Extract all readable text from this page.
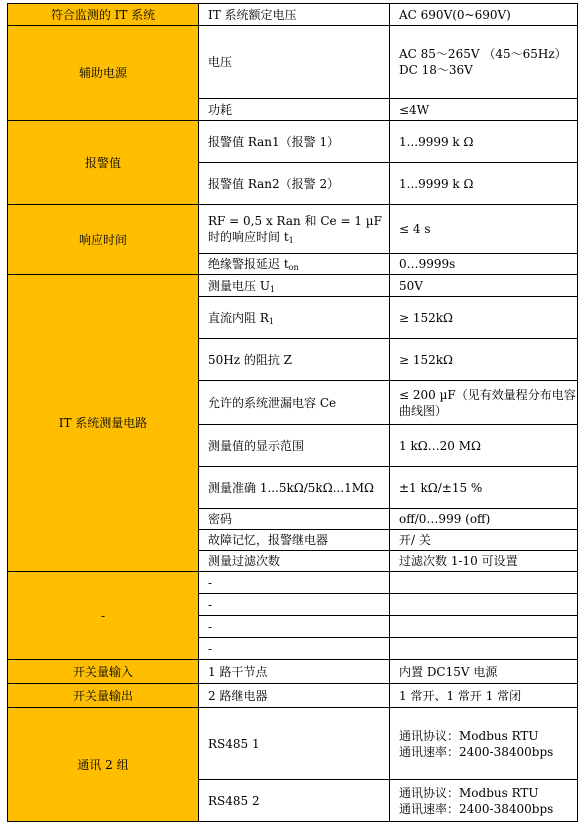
符合监测的 IT 系统	IT 系统额定电压	AC 690V(0~690V)
辅助电源	电压	AC 85～265V （45～65Hz）
DC 18～36V

	功耗	≤4W
报警值	报警值 Ran1（报警 1）	1...9999 k Ω
	报警值 Ran2（报警 2）	1...9999 k Ω
响应时间	RF = 0,5 x Ran 和 Ce = 1 µF
时的响应时间 $t_1$	≤ 4 s
	绝缘警报延迟 $t_{on}$	0…9999s
IT 系统测量电路	测量电压 $U_1$	50V
	直流内阻 $R_1$	≥ 152kΩ
	50Hz 的阻抗 Z	≥ 152kΩ
	允许的系统泄漏电容 Ce	≤ 200 µF（见有效量程分布电容曲线图）
	测量值的显示范围	1 kΩ…20 MΩ
	测量准确 1...5kΩ/5kΩ...1MΩ	±1 kΩ/±15 %
	密码	off/0…999 (off)
	故障记忆，报警继电器	开/ 关
	测量过滤次数	过滤次数 1-10 可设置
-	-	
	-	
	-	
	-	
开关量输入	1 路干节点	内置 DC15V 电源
开关量输出	2 路继电器	1 常开、1 常开 1 常闭
通讯 2 组	RS485 1	通讯协议：Modbus RTU
通讯速率：2400-38400bps

	RS485 2	通讯协议：Modbus RTU
通讯速率：2400-38400bps
